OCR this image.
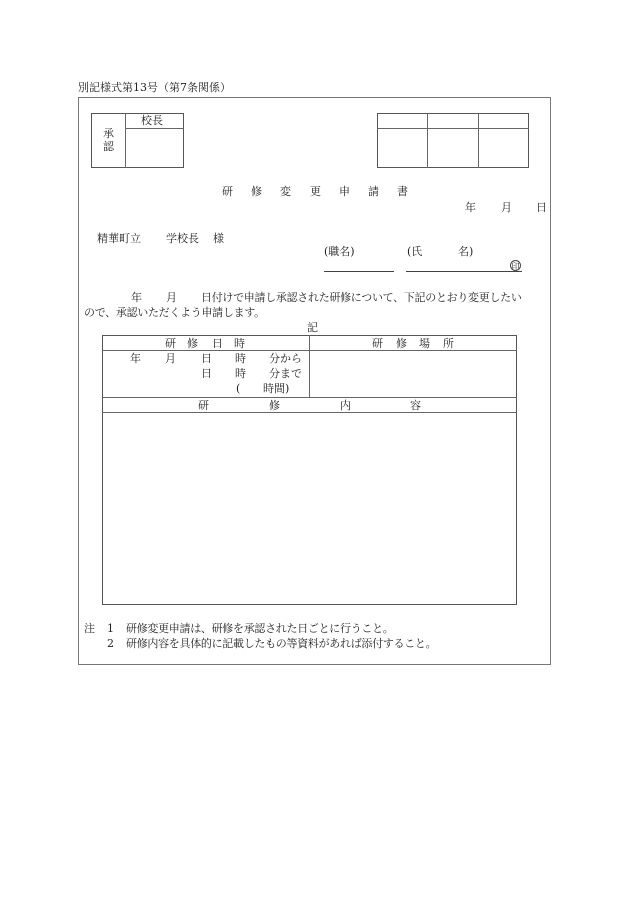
別記様式第13号（第7条関係）
校長
承
認
研 修 変 更 申 請 書
年 月 日
精華町立 学校長 様
(職名)	(氏	名)
印
年 月 日付けで申請し承認された研修について、下記のとおり変更したい
ので、承認いただくよう申請します。
記
研 修 日 時	研 修 場 所
年 月 日 時 分から
日 時 分まで
( 時間)
研	修	内	容
注 1 研修変更申請は、研修を承認された日ごとに行うこと。
2 研修内容を具体的に記載したもの等資料があれば添付すること。
